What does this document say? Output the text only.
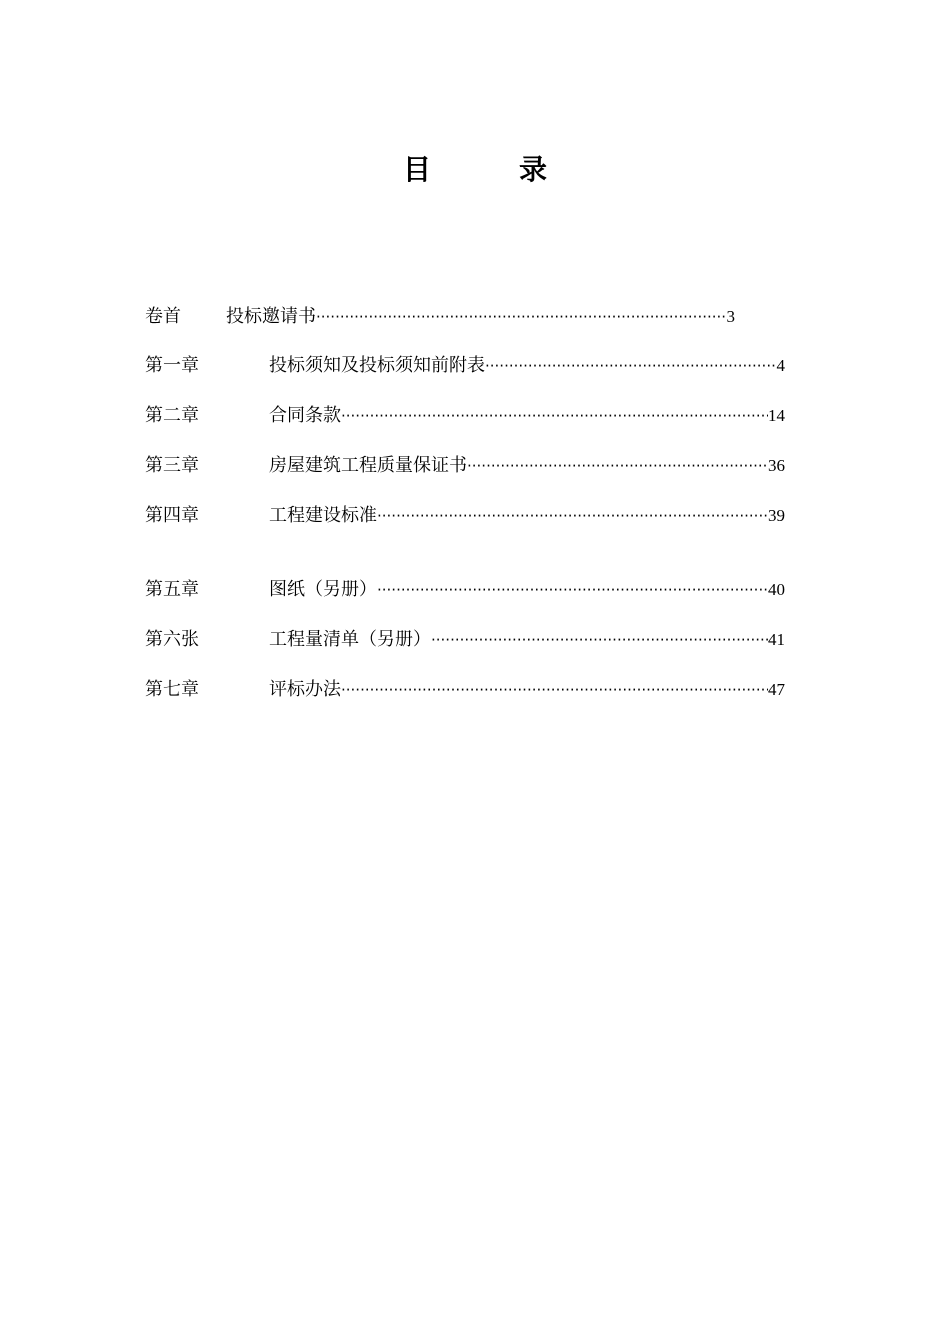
目　录
卷首	投标邀请书 ·····	3
第一章	投标须知及投标须知前附表 ·····	4
第二章	合同条款 ·····	14
第三章	房屋建筑工程质量保证书 ·····	36
第四章	工程建设标准 ·····	39
第五章	图纸（另册） ·····	40
第六张	工程量清单（另册） ·····	41
第七章	评标办法 ·····	47
